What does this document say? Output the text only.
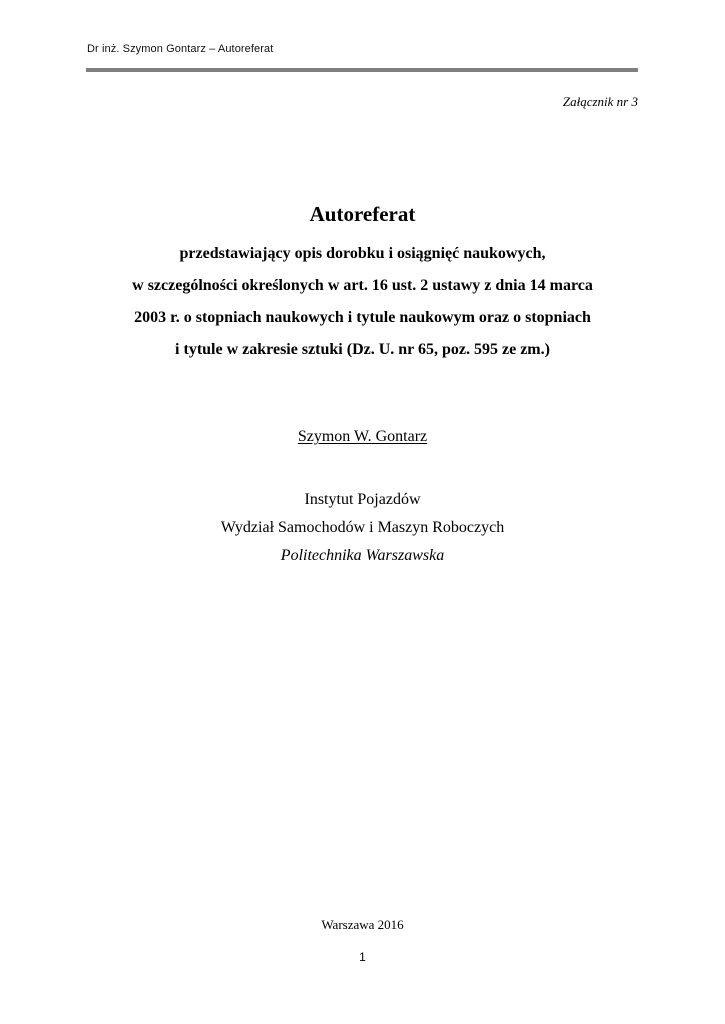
Dr inż. Szymon Gontarz – Autoreferat
Załącznik nr 3
Autoreferat
przedstawiający opis dorobku i osiągnięć naukowych,
w szczególności określonych w art. 16 ust. 2 ustawy z dnia 14 marca
2003 r. o stopniach naukowych i tytule naukowym oraz o stopniach
i tytule w zakresie sztuki (Dz. U. nr 65, poz. 595 ze zm.)
Szymon W. Gontarz
Instytut Pojazdów
Wydział Samochodów i Maszyn Roboczych
Politechnika Warszawska
Warszawa 2016
1
